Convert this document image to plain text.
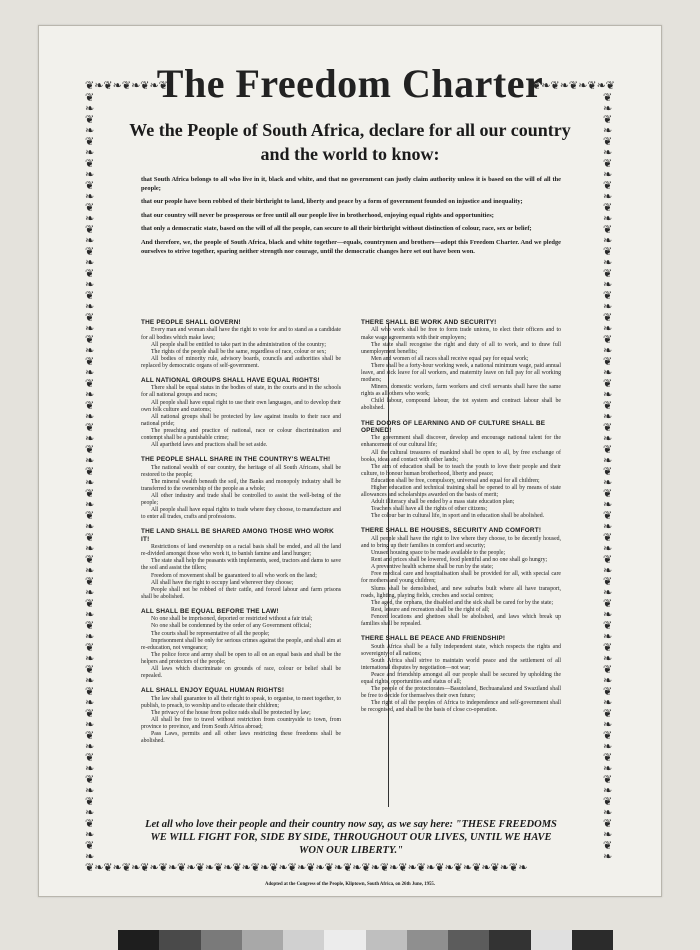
❦❧❦❧❦❧❦❧❦	❦❧❦❧❦❧❦❧❦
❦❧❦❧❦❧❦❧❦❧❦❧❦❧❦❧❦❧❦❧❦❧❦❧❦❧❦❧❦❧❦❧❦❧❦❧❦❧❦❧❦❧❦❧❦❧❦❧❦❧❦❧❦❧❦❧❦❧❦❧❦❧❦❧❦❧❦❧❦❧
❦❧❦❧❦❧❦❧❦❧❦❧❦❧❦❧❦❧❦❧❦❧❦❧❦❧❦❧❦❧❦❧❦❧❦❧❦❧❦❧❦❧❦❧❦❧❦❧❦❧❦❧❦❧❦❧❦❧❦❧❦❧❦❧❦❧❦❧❦❧
❦❧❦❧❦❧❦❧❦❧❦❧❦❧❦❧❦❧❦❧❦❧❦❧❦❧❦❧❦❧❦❧❦❧❦❧❦❧❦❧❦❧❦❧❦❧❦❧
The Freedom Charter
We the People of South Africa, declare for all our country and the world to know:

that South Africa belongs to all who live in it, black and white, and that no government can justly claim authority unless it is based on the will of all the people;

that our people have been robbed of their birthright to land, liberty and peace by a form of government founded on injustice and inequality;

that our country will never be prosperous or free until all our people live in brotherhood, enjoying equal rights and opportunities;

that only a democratic state, based on the will of all the people, can secure to all their birthright without distinction of colour, race, sex or belief;

And therefore, we, the people of South Africa, black and white together—equals, countrymen and brothers—adopt this Freedom Charter. And we pledge ourselves to strive together, sparing neither strength nor courage, until the democratic changes here set out have been won.

THE PEOPLE SHALL GOVERN!

Every man and woman shall have the right to vote for and to stand as a candidate for all bodies which make laws;

All people shall be entitled to take part in the administration of the country;

The rights of the people shall be the same, regardless of race, colour or sex;

All bodies of minority rule, advisory boards, councils and authorities shall be replaced by democratic organs of self-government.

ALL NATIONAL GROUPS SHALL HAVE EQUAL RIGHTS!

There shall be equal status in the bodies of state, in the courts and in the schools for all national groups and races;

All people shall have equal right to use their own languages, and to develop their own folk culture and customs;

All national groups shall be protected by law against insults to their race and national pride;

The preaching and practice of national, race or colour discrimination and contempt shall be a punishable crime;

All apartheid laws and practices shall be set aside.

THE PEOPLE SHALL SHARE IN THE COUNTRY'S WEALTH!

The national wealth of our country, the heritage of all South Africans, shall be restored to the people;

The mineral wealth beneath the soil, the Banks and monopoly industry shall be transferred to the ownership of the people as a whole;

All other industry and trade shall be controlled to assist the well-being of the people;

All people shall have equal rights to trade where they choose, to manufacture and to enter all trades, crafts and professions.

THE LAND SHALL BE SHARED AMONG THOSE WHO WORK IT!

Restrictions of land ownership on a racial basis shall be ended, and all the land re-divided amongst those who work it, to banish famine and land hunger;

The state shall help the peasants with implements, seed, tractors and dams to save the soil and assist the tillers;

Freedom of movement shall be guaranteed to all who work on the land;

All shall have the right to occupy land wherever they choose;

People shall not be robbed of their cattle, and forced labour and farm prisons shall be abolished.

ALL SHALL BE EQUAL BEFORE THE LAW!

No one shall be imprisoned, deported or restricted without a fair trial;

No one shall be condemned by the order of any Government official;

The courts shall be representative of all the people;

Imprisonment shall be only for serious crimes against the people, and shall aim at re-education, not vengeance;

The police force and army shall be open to all on an equal basis and shall be the helpers and protectors of the people;

All laws which discriminate on grounds of race, colour or belief shall be repealed.

ALL SHALL ENJOY EQUAL HUMAN RIGHTS!

The law shall guarantee to all their right to speak, to organise, to meet together, to publish, to preach, to worship and to educate their children;

The privacy of the house from police raids shall be protected by law;

All shall be free to travel without restriction from countryside to town, from province to province, and from South Africa abroad;

Pass Laws, permits and all other laws restricting these freedoms shall be abolished.

THERE SHALL BE WORK AND SECURITY!

All who work shall be free to form trade unions, to elect their officers and to make wage agreements with their employers;

The state shall recognise the right and duty of all to work, and to draw full unemployment benefits;

Men and women of all races shall receive equal pay for equal work;

There shall be a forty-hour working week, a national minimum wage, paid annual leave, and sick leave for all workers, and maternity leave on full pay for all working mothers;

Miners, domestic workers, farm workers and civil servants shall have the same rights as all others who work;

Child labour, compound labour, the tot system and contract labour shall be abolished.

THE DOORS OF LEARNING AND OF CULTURE SHALL BE OPENED!

The government shall discover, develop and encourage national talent for the enhancement of our cultural life;

All the cultural treasures of mankind shall be open to all, by free exchange of books, ideas and contact with other lands;

The aim of education shall be to teach the youth to love their people and their culture, to honour human brotherhood, liberty and peace;

Education shall be free, compulsory, universal and equal for all children;

Higher education and technical training shall be opened to all by means of state allowances and scholarships awarded on the basis of merit;

Adult illiteracy shall be ended by a mass state education plan;

Teachers shall have all the rights of other citizens;

The colour bar in cultural life, in sport and in education shall be abolished.

THERE SHALL BE HOUSES, SECURITY AND COMFORT!

All people shall have the right to live where they choose, to be decently housed, and to bring up their families in comfort and security;

Unused housing space to be made available to the people;

Rent and prices shall be lowered, food plentiful and no one shall go hungry;

A preventive health scheme shall be run by the state;

Free medical care and hospitalisation shall be provided for all, with special care for mothers and young children;

Slums shall be demolished, and new suburbs built where all have transport, roads, lighting, playing fields, creches and social centres;

The aged, the orphans, the disabled and the sick shall be cared for by the state;

Rest, leisure and recreation shall be the right of all;

Fenced locations and ghettoes shall be abolished, and laws which break up families shall be repealed.

THERE SHALL BE PEACE AND FRIENDSHIP!

South Africa shall be a fully independent state, which respects the rights and sovereignty of all nations;

South Africa shall strive to maintain world peace and the settlement of all international disputes by negotiation—not war;

Peace and friendship amongst all our people shall be secured by upholding the equal rights, opportunities and status of all;

The people of the protectorates—Basutoland, Bechuanaland and Swaziland shall be free to decide for themselves their own future;

The right of all the peoples of Africa to independence and self-government shall be recognised, and shall be the basis of close co-operation.

Let all who love their people and their country now say, as we say here: "THESE FREEDOMS WE WILL FIGHT FOR, SIDE BY SIDE, THROUGHOUT OUR LIVES, UNTIL WE HAVE WON OUR LIBERTY."
Adopted at the Congress of the People, Kliptown, South Africa, on 26th June, 1955.
